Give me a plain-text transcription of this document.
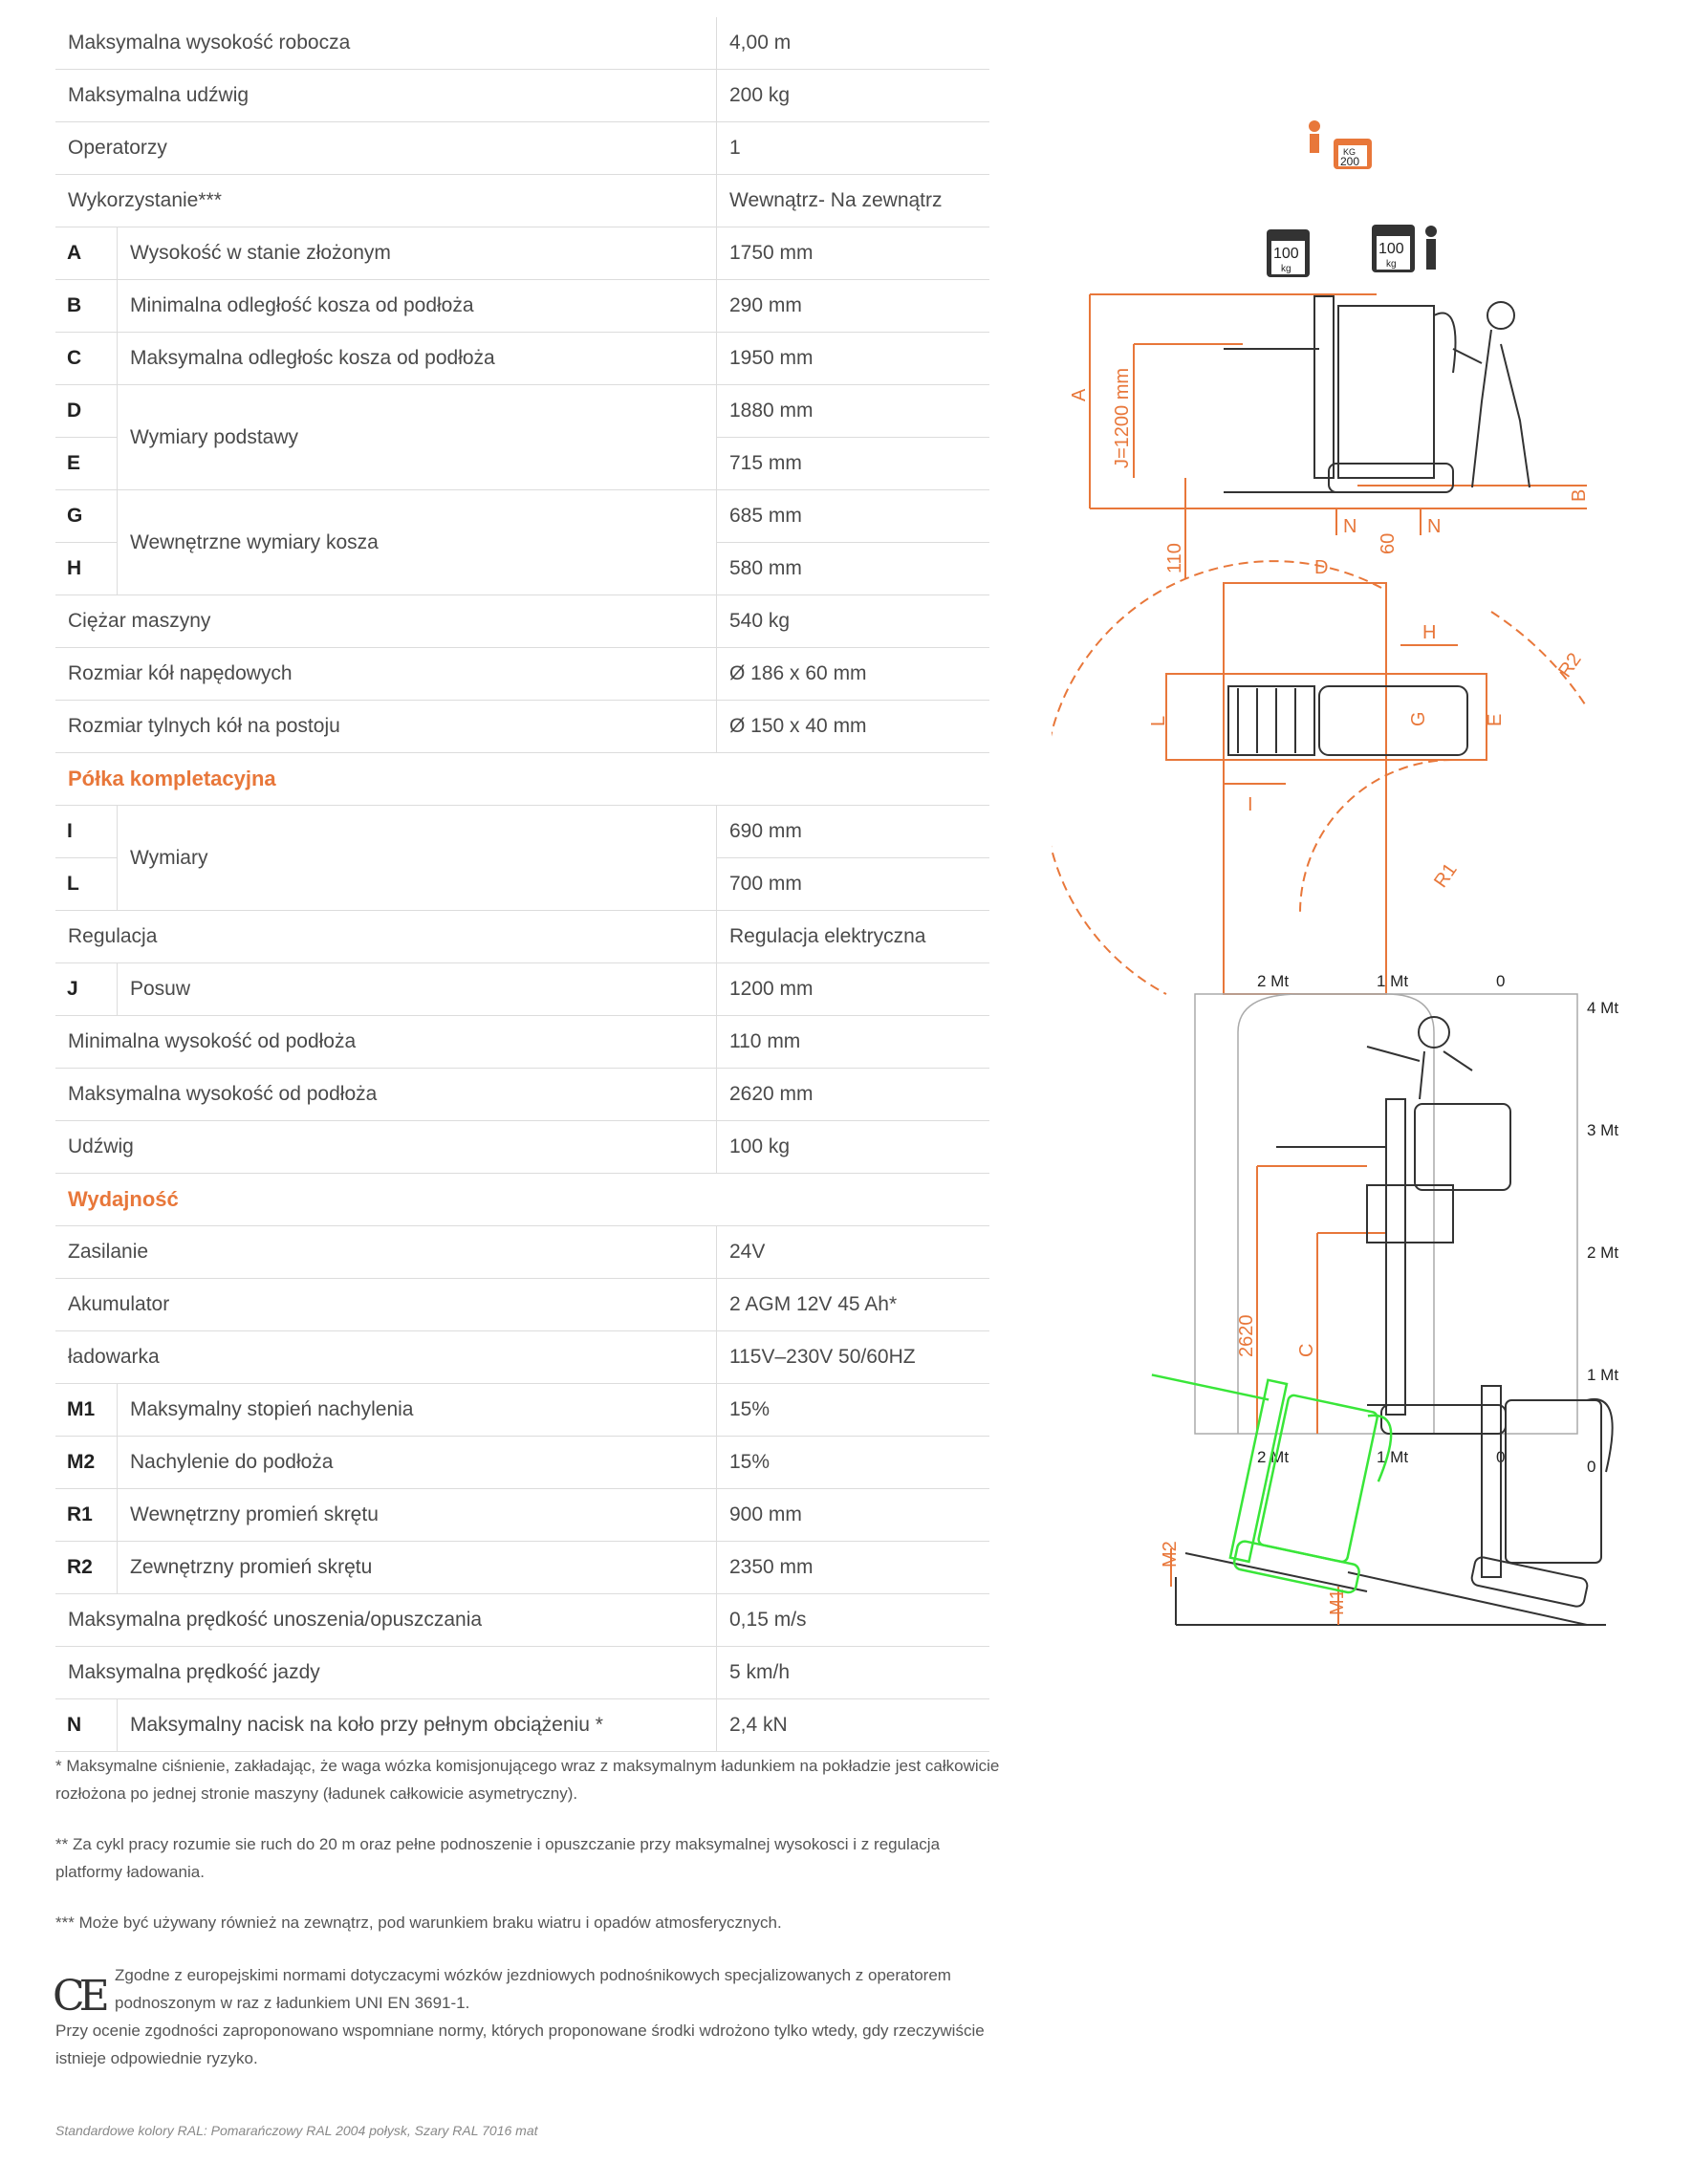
Maksymalna wysokość robocza		4,00 m
Maksymalna udźwig		200 kg
Operatorzy		1
Wykorzystanie***		Wewnątrz- Na zewnątrz
A	Wysokość w stanie złożonym	1750 mm
B	Minimalna odległość kosza od podłoża	290 mm
C	Maksymalna odległośc kosza od podłoża	1950 mm
D	Wymiary podstawy	1880 mm
E		715 mm
G	Wewnętrzne wymiary kosza	685 mm
H		580 mm
Ciężar maszyny		540 kg
Rozmiar kół napędowych		Ø 186 x 60 mm
Rozmiar tylnych kół na postoju		Ø 150 x 40 mm
Półka kompletacyjna		
I	Wymiary	690 mm
L		700 mm
Regulacja		Regulacja elektryczna
J	Posuw	1200 mm
Minimalna wysokość od podłoża		110 mm
Maksymalna wysokość od podłoża		2620 mm
Udźwig		100 kg
Wydajność		
Zasilanie		24V
Akumulator		2 AGM 12V 45 Ah*
ładowarka		115V–230V 50/60HZ
M1	Maksymalny stopień nachylenia	15%
M2	Nachylenie do podłoża	15%
R1	Wewnętrzny promień skrętu	900 mm
R2	Zewnętrzny promień skrętu	2350 mm
Maksymalna prędkość unoszenia/opuszczania		0,15 m/s
Maksymalna prędkość jazdy		5 km/h
N	Maksymalny nacisk na koło przy pełnym obciążeniu *	2,4 kN
* Maksymalne ciśnienie, zakładając, że waga wózka komisjonującego wraz z maksymalnym ładunkiem na pokładzie jest całkowicie rozłożona po jednej stronie maszyny (ładunek całkowicie asymetryczny).
** Za cykl pracy rozumie sie ruch do 20 m oraz pełne podnoszenie i opuszczanie przy maksymalnej wysokosci i z regulacja platformy ładowania.
*** Może być używany również na zewnątrz, pod warunkiem braku wiatru i opadów atmosferycznych.
CE Zgodne z europejskimi normami dotyczacymi wózków jezdniowych podnośnikowych specjalizowanych z operatorem podnoszonym w raz z ładunkiem UNI EN 3691-1.
Przy ocenie zgodności zaproponowano wspomniane normy, których proponowane środki wdrożono tylko wtedy, gdy rzeczywiście istnieje odpowiednie ryzyko.
Standardowe kolory RAL: Pomarańczowy RAL 2004 połysk, Szary RAL 7016 mat
KG
200
100
kg
100
kg
A J=1200 mm
B
110	60
N	N
D
H
L	E
I
G
R2
R1
2 Mt	1 Mt	0
2 Mt	1 Mt	0
4 Mt
3 Mt
2 Mt
1 Mt
0
2620 C
M2
M1
